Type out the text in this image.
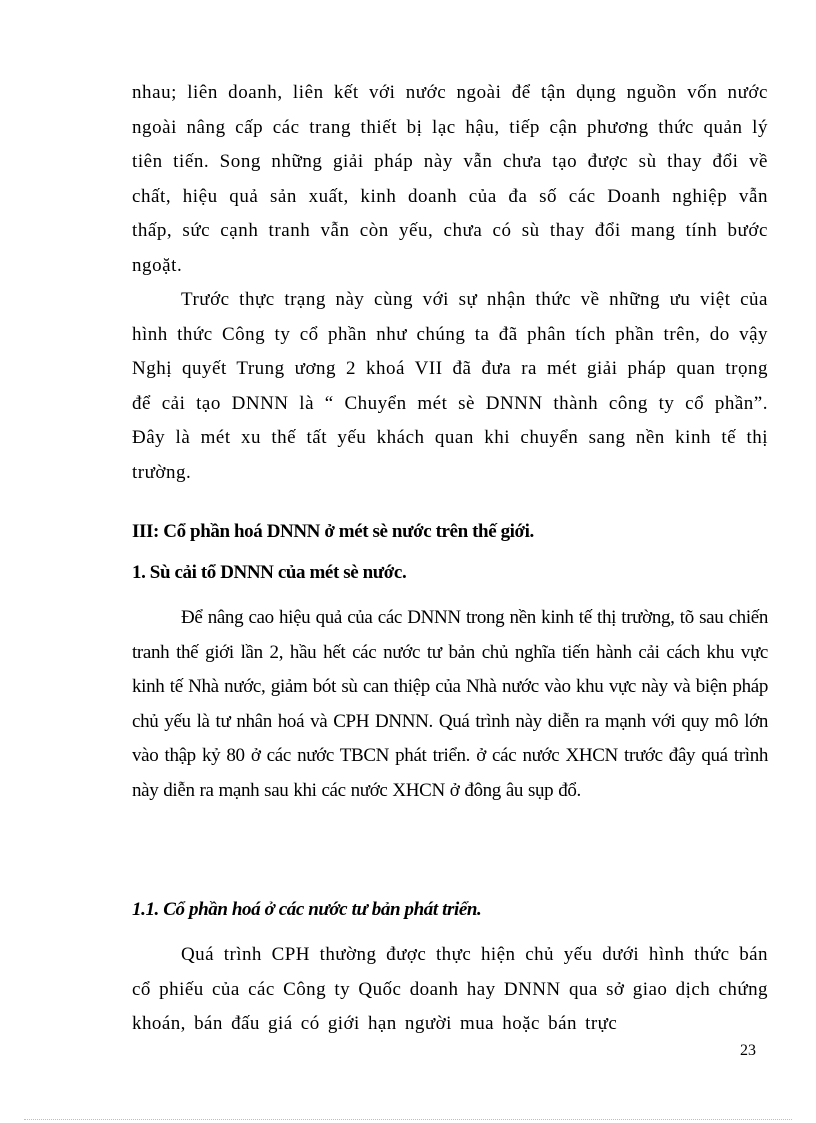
nhau; liên doanh, liên kết với nước ngoài để tận dụng nguồn vốn nước ngoài nâng cấp các trang thiết bị lạc hậu, tiếp cận phương thức quản lý tiên tiến. Song những giải pháp này vẫn chưa tạo được sù thay đổi về chất, hiệu quả sản xuất, kinh doanh của đa số các Doanh nghiệp vẫn thấp, sức cạnh tranh vẫn còn yếu, chưa có sù thay đổi mang tính bước ngoặt.

Trước thực trạng này cùng với sự nhận thức về những ưu việt của hình thức Công ty cổ phần như chúng ta đã phân tích phần trên, do vậy Nghị quyết Trung ương 2 khoá VII đã đưa ra mét giải pháp quan trọng để cải tạo DNNN là “ Chuyển mét sè DNNN thành công ty cổ phần”. Đây là mét xu thế tất yếu khách quan khi chuyển sang nền kinh tế thị trường.

III: Cổ phần hoá DNNN ở mét sè nước trên thế giới.
1. Sù cải tổ DNNN của mét sè nước.

Để nâng cao hiệu quả của các DNNN trong nền kinh tế thị trường, tõ sau chiến tranh thế giới lần 2, hầu hết các nước tư bản chủ nghĩa tiến hành cải cách khu vực kinh tế Nhà nước, giảm bót sù can thiệp của Nhà nước vào khu vực này và biện pháp chủ yếu là tư nhân hoá và CPH DNNN. Quá trình này diễn ra mạnh với quy mô lớn vào thập kỷ 80 ở các nước TBCN phát triển. ở các nước XHCN trước đây quá trình này diễn ra mạnh sau khi các nước XHCN ở đông âu sụp đổ.

1.1. Cổ phần hoá ở các nước tư bản phát triển.

Quá trình CPH thường được thực hiện chủ yếu dưới hình thức bán cổ phiếu của các Công ty Quốc doanh hay DNNN qua sở giao dịch chứng khoán, bán đấu giá có giới hạn người mua hoặc bán trực

23
